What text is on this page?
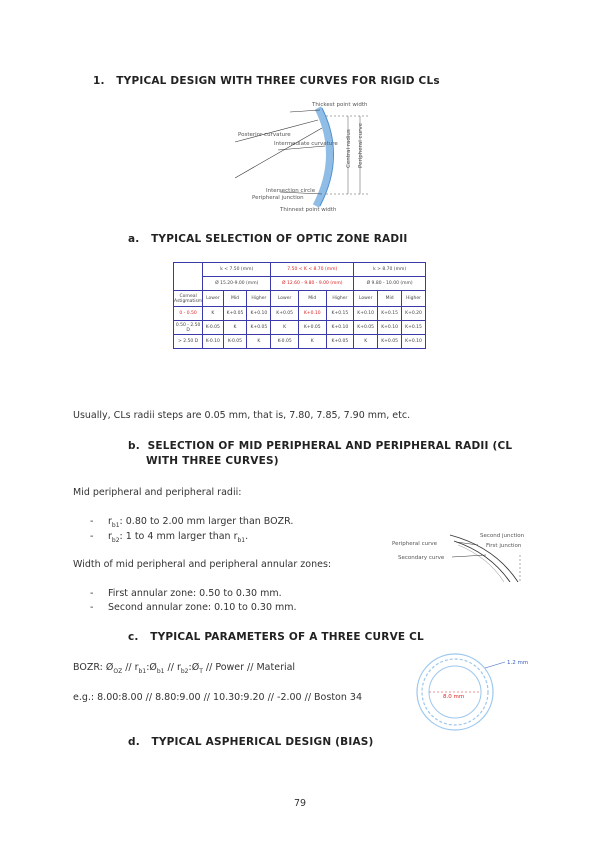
1. TYPICAL DESIGN WITH THREE CURVES FOR RIGID CLs
Thickest point width
Posterior curvature
Intermediate curvature Central radius Peripheral curve
Intersection circle
Peripheral junction
Thinnest point width
a. TYPICAL SELECTION OF OPTIC ZONE RADII
	k < 7.50 (mm)			7.50 < K < 8.70 (mm)			k > 8.70 (mm)		
	Ø 15.20-9.00 (mm)			Ø 12.60 - 9.80 - 9.00 (mm)			Ø 9.80 - 10.00 (mm)		
Corneal Astigmatism	Lower	Mid	Higher	Lower	Mid	Higher	Lower	Mid	Higher
0 - 0.50	K	K+0.05	K+0.10	K+0.05	K+0.10	K+0.15	K+0.10	K+0.15	K+0.20
0.50 - 2.50 D	K-0.05	K	K+0.05	K	K+0.05	K+0.10	K+0.05	K+0.10	K+0.15
> 2.50 D	K-0.10	K-0.05	K	K-0.05	K	K+0.05	K	K+0.05	K+0.10
Usually, CLs radii steps are 0.05 mm, that is, 7.80, 7.85, 7.90 mm, etc.
b. SELECTION OF MID PERIPHERAL AND PERIPHERAL RADII (CL
WITH THREE CURVES)
Mid peripheral and peripheral radii:
- $r_{b1}$: 0.80 to 2.00 mm larger than BOZR.
- $r_{b2}$: 1 to 4 mm larger than $r_{b1}$.
Width of mid peripheral and peripheral annular zones:
- First annular zone: 0.50 to 0.30 mm.
- Second annular zone: 0.10 to 0.30 mm.
Second junction
First junction
Peripheral curve
Secondary curve
c. TYPICAL PARAMETERS OF A THREE CURVE CL
BOZR: $Ø_{OZ}$ // $r_{b1}:Ø_{b1}$ // $r_{b2}:Ø_T$ // Power // Material
e.g.: 8.00:8.00 // 8.80:9.00 // 10.30:9.20 // -2.00 // Boston 34
1.2 mm
8.0 mm
d. TYPICAL ASPHERICAL DESIGN (BIAS)
79
